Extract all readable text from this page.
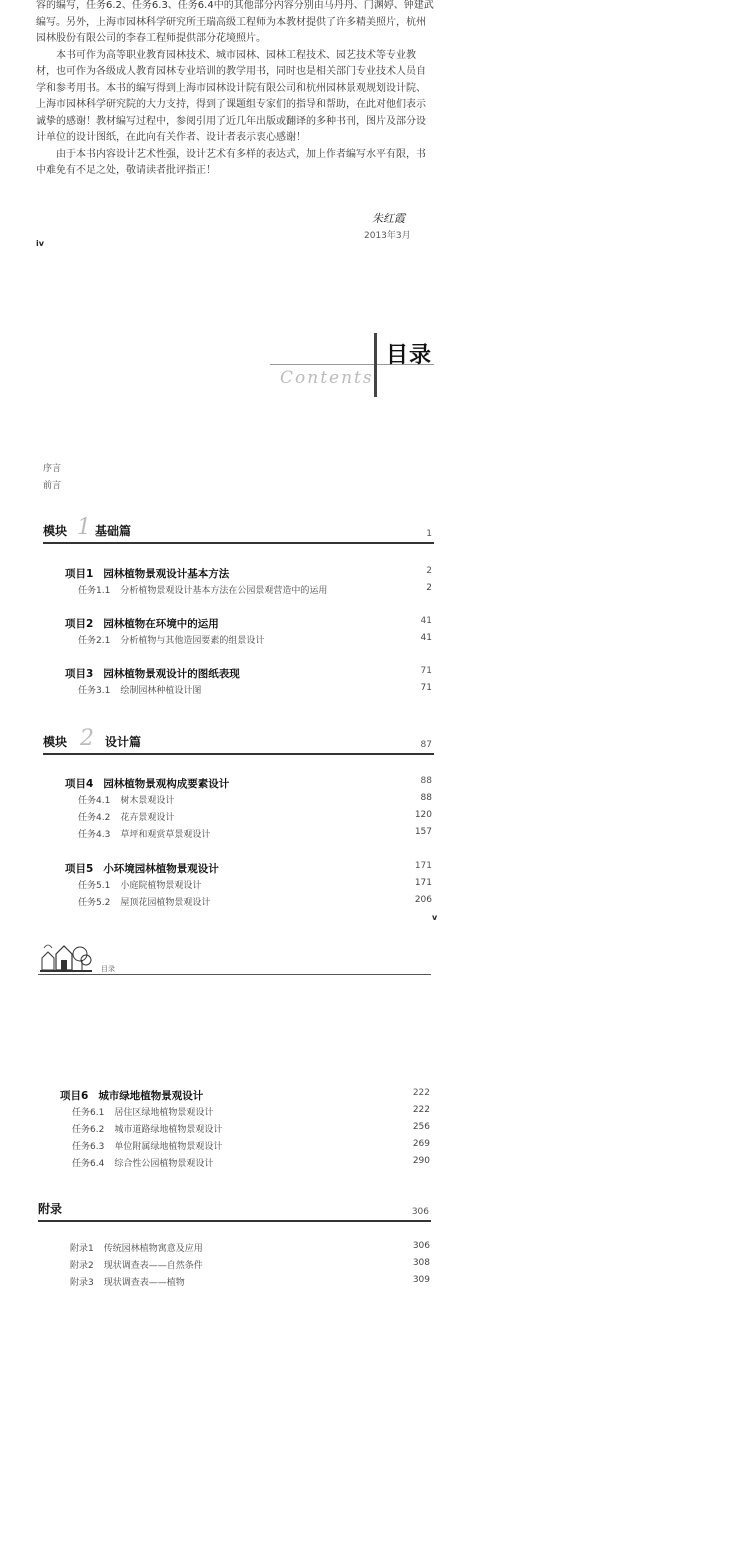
容的编写，任务6.2、任务6.3、任务6.4中的其他部分内容分别由马丹丹、门渊婷、钟建武编写。另外，上海市园林科学研究所王瑞高级工程师为本教材提供了许多精美照片，杭州园林股份有限公司的李春工程师提供部分花境照片。

本书可作为高等职业教育园林技术、城市园林、园林工程技术、园艺技术等专业教材，也可作为各级成人教育园林专业培训的教学用书，同时也是相关部门专业技术人员自学和参考用书。本书的编写得到上海市园林设计院有限公司和杭州园林景观规划设计院、上海市园林科学研究院的大力支持，得到了课题组专家们的指导和帮助，在此对他们表示诚挚的感谢！教材编写过程中，参阅引用了近几年出版或翻译的多种书刊，图片及部分设计单位的设计图纸，在此向有关作者、设计者表示衷心感谢！

由于本书内容设计艺术性强，设计艺术有多样的表达式，加上作者编写水平有限，书中难免有不足之处，敬请读者批评指正！

朱红霞
2013年3月
iv
目录
Contents
序言
前言
模块 1 基础篇	1
项目1 园林植物景观设计基本方法	2
任务1.1 分析植物景观设计基本方法在公园景观营造中的运用	2
项目2 园林植物在环境中的运用	41
任务2.1 分析植物与其他造园要素的组景设计	41
项目3 园林植物景观设计的图纸表现	71
任务3.1 绘制园林种植设计图	71
模块 2 设计篇	87
项目4 园林植物景观构成要素设计	88
任务4.1 树木景观设计	88
任务4.2 花卉景观设计	120
任务4.3 草坪和观赏草景观设计	157
项目5 小环境园林植物景观设计	171
任务5.1 小庭院植物景观设计	171
任务5.2 屋顶花园植物景观设计	206
v
目录
项目6 城市绿地植物景观设计	222
任务6.1 居住区绿地植物景观设计	222
任务6.2 城市道路绿地植物景观设计	256
任务6.3 单位附属绿地植物景观设计	269
任务6.4 综合性公园植物景观设计	290
附录	306
附录1 传统园林植物寓意及应用	306
附录2 现状调查表——自然条件	308
附录3 现状调查表——植物	309
